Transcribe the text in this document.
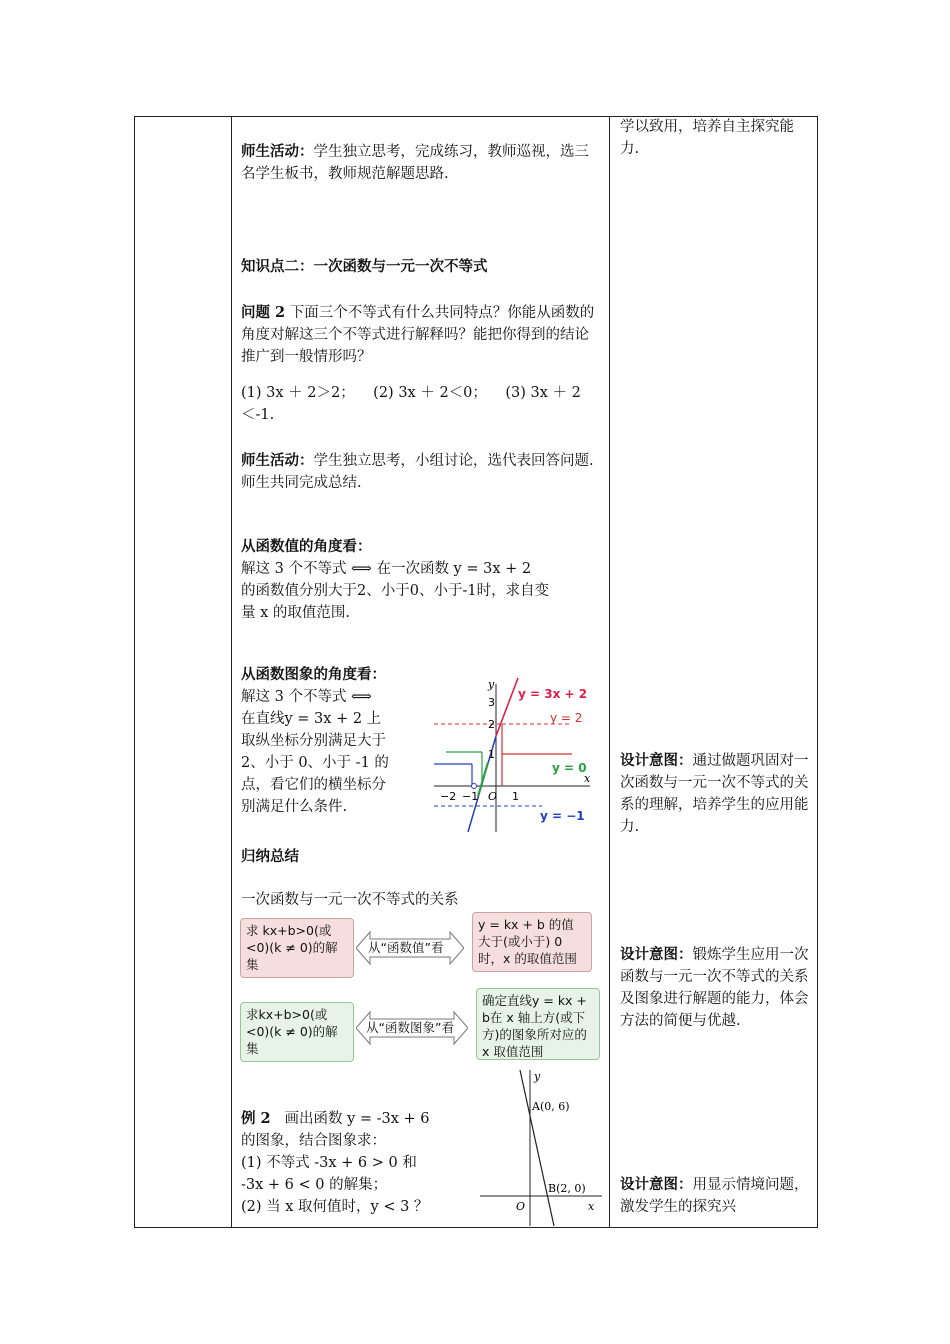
学以致用，培养自主探究能力.
设计意图：通过做题巩固对一次函数与一元一次不等式的关系的理解，培养学生的应用能力.
设计意图：锻炼学生应用一次函数与一元一次不等式的关系及图象进行解题的能力，体会方法的简便与优越.
设计意图：用显示情境问题，激发学生的探究兴
师生活动：学生独立思考，完成练习，教师巡视，选三名学生板书，教师规范解题思路.
知识点二：一次函数与一元一次不等式
问题 2 下面三个不等式有什么共同特点？你能从函数的角度对解这三个不等式进行解释吗？能把你得到的结论推广到一般情形吗？
(1) 3x ＋ 2＞2； (2) 3x ＋ 2＜0； (3) 3x ＋ 2
＜-1.
师生活动：学生独立思考，小组讨论，选代表回答问题.师生共同完成总结.
从函数值的角度看：
解这 3 个不等式 ⟺ 在一次函数 y = 3x + 2
的函数值分别大于2、小于0、小于-1时，求自变
量 x 的取值范围.
从函数图象的角度看：
解这 3 个不等式 ⟺
在直线y = 3x + 2 上
取纵坐标分别满足大于
2、小于 0、小于 -1 的
点，看它们的横坐标分
别满足什么条件.
−2 −1 O 1
x
y
3
2
1
y = 3x + 2
y = 2
y = 0
y = −1
归纳总结
一次函数与一元一次不等式的关系
求 kx+b>0(或<0)(k ≠ 0)的解集
从“函数值”看
y = kx + b 的值大于(或小于) 0时，x 的取值范围
求kx+b>0(或<0)(k ≠ 0)的解集
从“函数图象”看
确定直线y = kx + b在 x 轴上方(或下方)的图象所对应的 x 取值范围
例 2 画出函数 y = -3x + 6
的图象，结合图象求：
(1) 不等式 -3x + 6 > 0 和
-3x + 6 < 0 的解集；
(2) 当 x 取何值时，y < 3 ？
y
x
O
A(0, 6)
B(2, 0)
